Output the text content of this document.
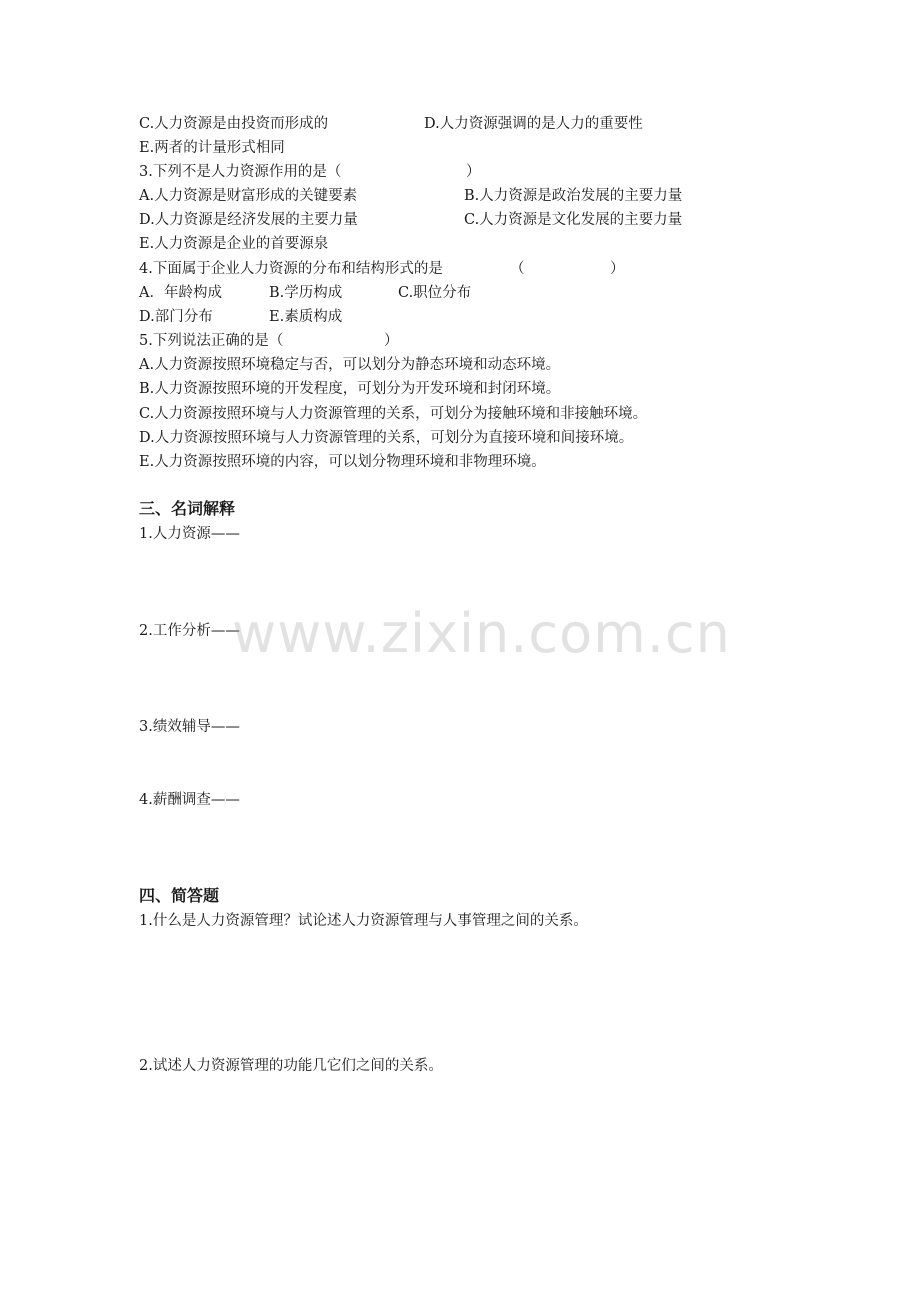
C.人力资源是由投资而形成的	D.人力资源强调的是人力的重要性
E.两者的计量形式相同
3.下列不是人力资源作用的是（	）
A.人力资源是财富形成的关键要素	B.人力资源是政治发展的主要力量
D.人力资源是经济发展的主要力量	C.人力资源是文化发展的主要力量
E.人力资源是企业的首要源泉
4.下面属于企业人力资源的分布和结构形式的是	（	）
A．年龄构成	B.学历构成	C.职位分布
D.部门分布	E.素质构成
5.下列说法正确的是（	）
A.人力资源按照环境稳定与否，可以划分为静态环境和动态环境。
B.人力资源按照环境的开发程度，可划分为开发环境和封闭环境。
C.人力资源按照环境与人力资源管理的关系，可划分为接触环境和非接触环境。
D.人力资源按照环境与人力资源管理的关系，可划分为直接环境和间接环境。
E.人力资源按照环境的内容，可以划分物理环境和非物理环境。
三、名词解释
1.人力资源——
2.工作分析——
3.绩效辅导——
4.薪酬调查——
四、简答题
1.什么是人力资源管理？试论述人力资源管理与人事管理之间的关系。
2.试述人力资源管理的功能几它们之间的关系。
www.zixin.com.cn
